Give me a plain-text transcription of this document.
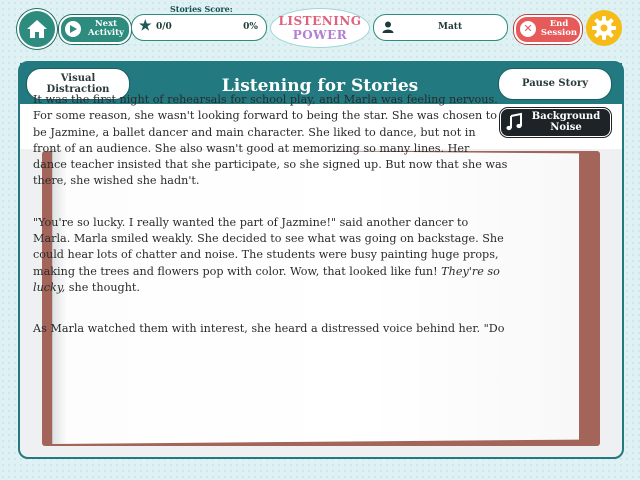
Next
Activity
Stories Score:
★ 0/0	0%	LISTENING
POWER
Matt	✕	End
Session
Visual
Distraction	Listening for Stories	Pause Story
Background
Noise

It was the first night of rehearsals for school play, and Marla was feeling nervous.
For some reason, she wasn't looking forward to being the star. She was chosen to
be Jazmine, a ballet dancer and main character. She liked to dance, but not in
front of an audience. She also wasn't good at memorizing so many lines. Her
dance teacher insisted that she participate, so she signed up. But now that she was
there, she wished she hadn't.

"You're so lucky. I really wanted the part of Jazmine!" said another dancer to
Marla. Marla smiled weakly. She decided to see what was going on backstage. She
could hear lots of chatter and noise. The students were busy painting huge props,
making the trees and flowers pop with color. Wow, that looked like fun! They're so
lucky, she thought.

As Marla watched them with interest, she heard a distressed voice behind her. "Do
